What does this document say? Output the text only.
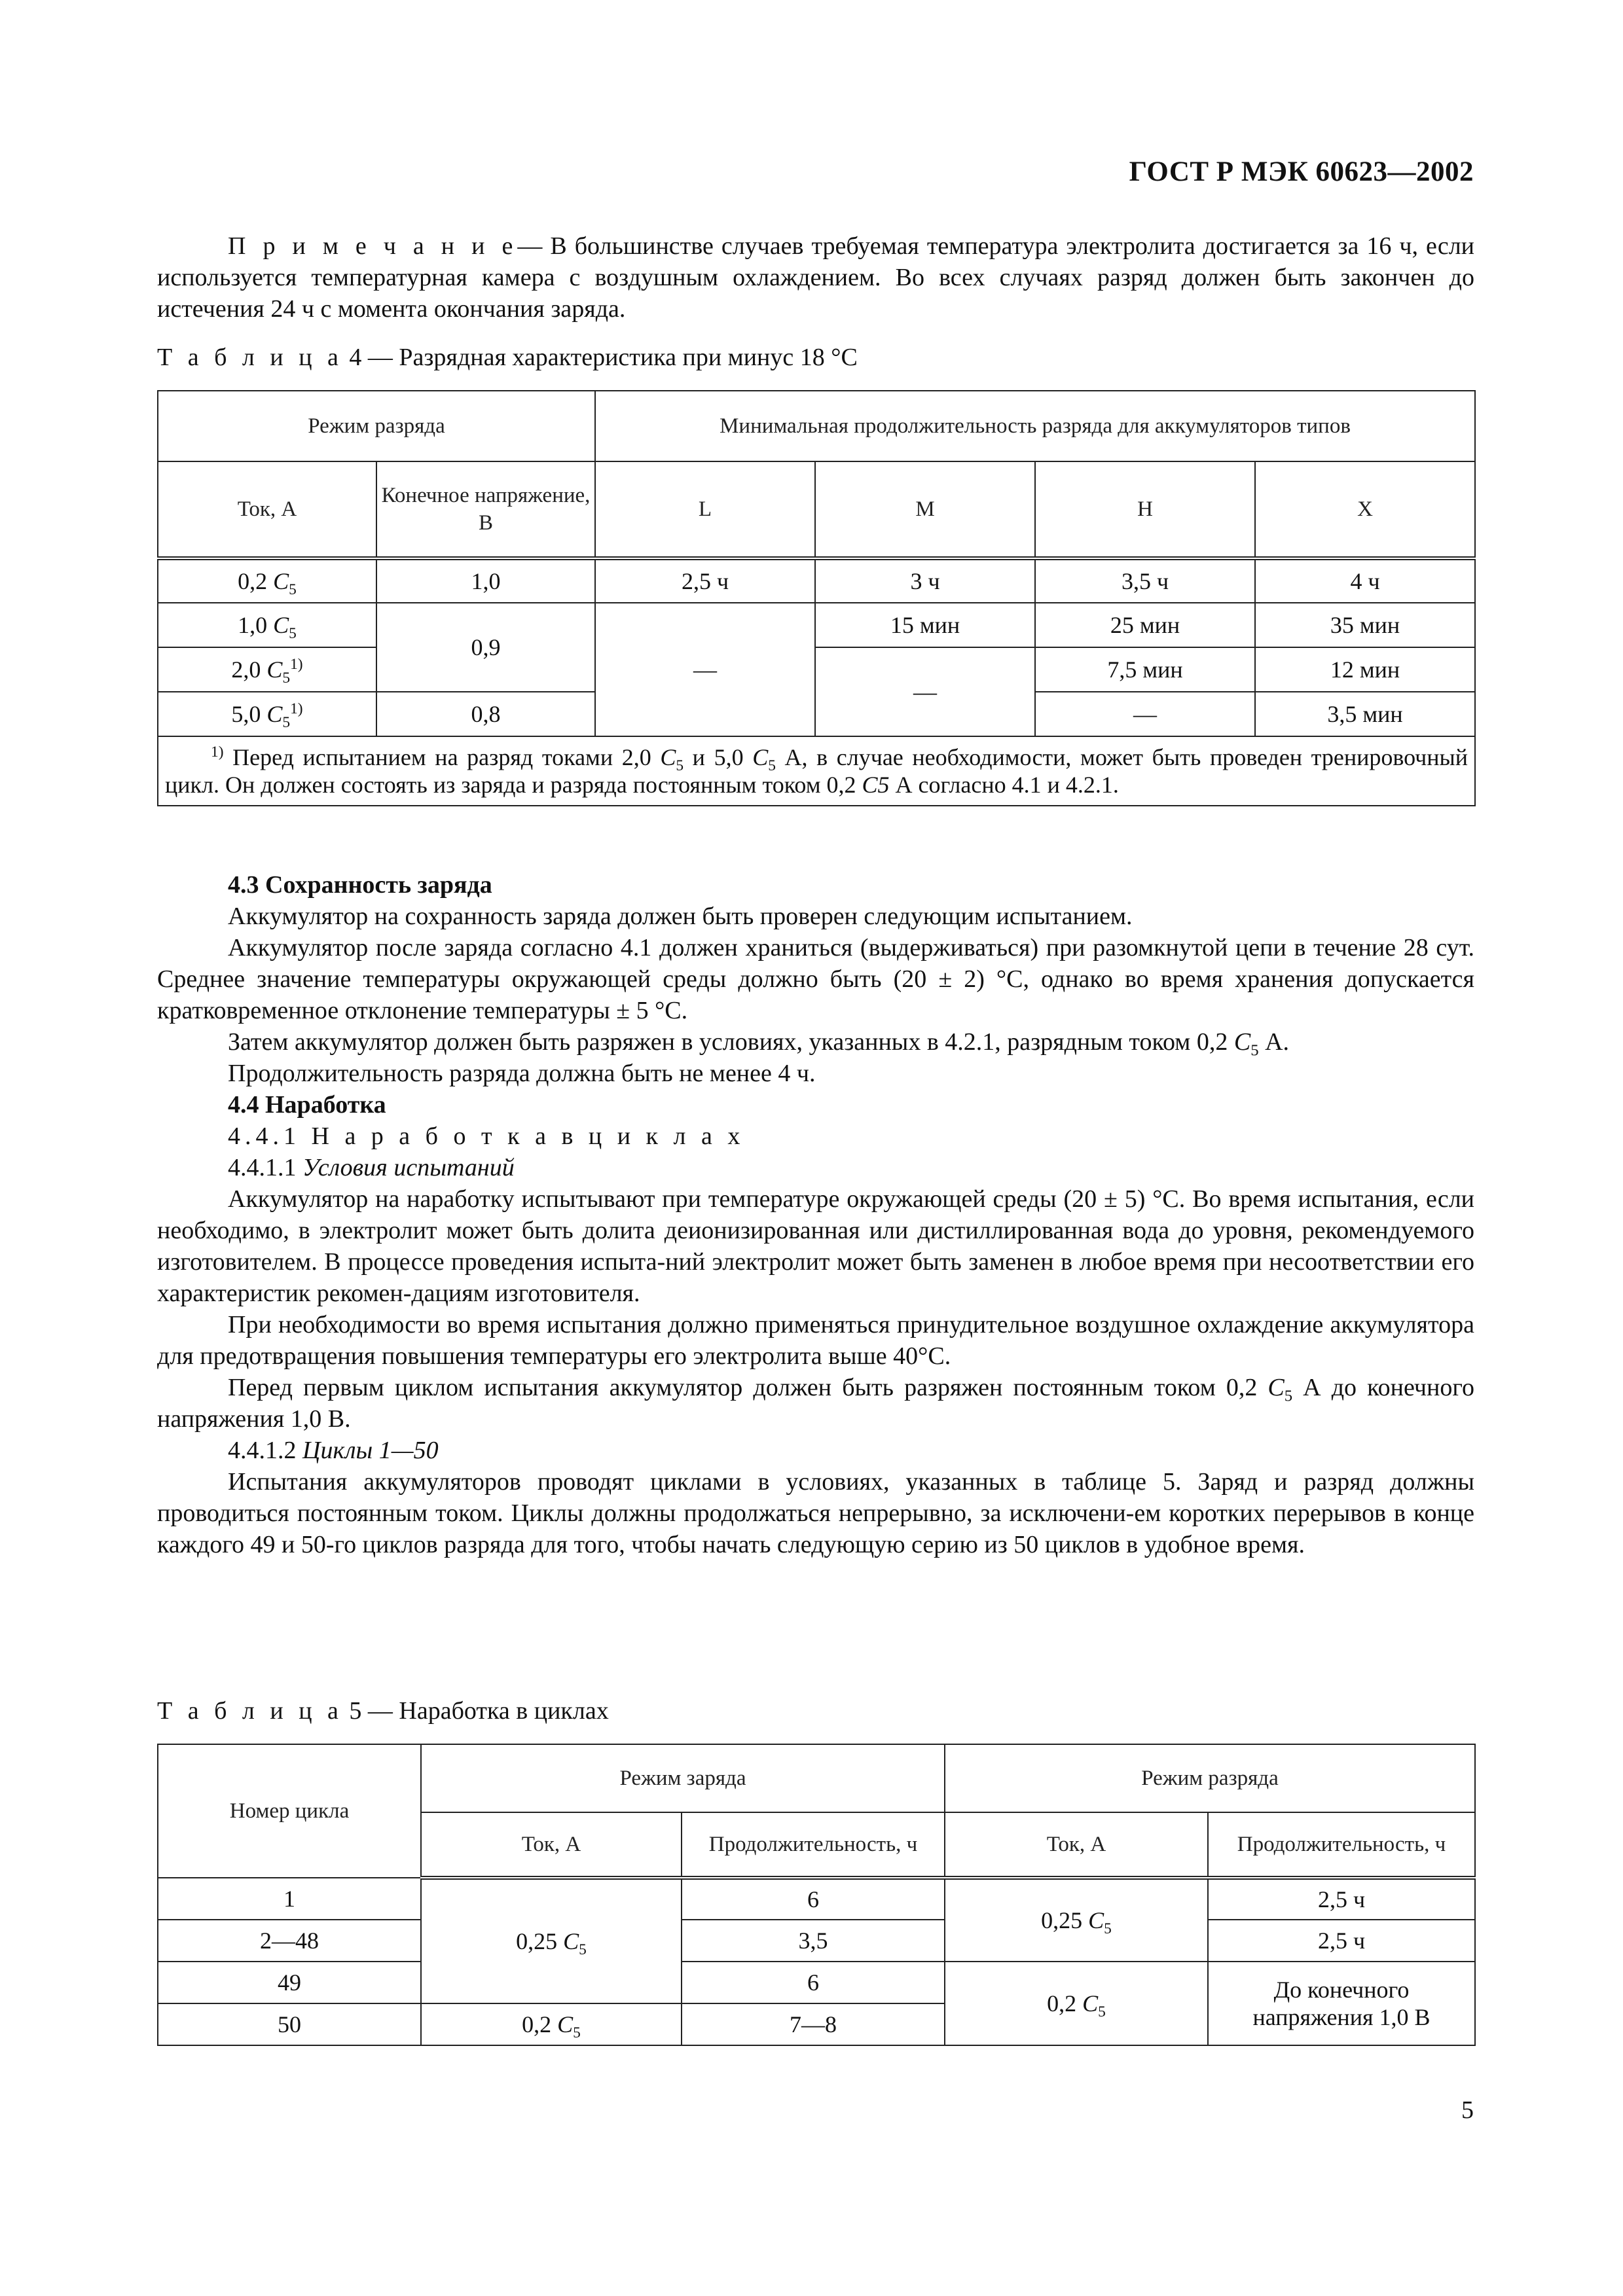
ГОСТ Р МЭК 60623—2002
П р и м е ч а н и е— В большинстве случаев требуемая температура электролита достигается за 16 ч, если используется температурная камера с воздушным охлаждением. Во всех случаях разряд должен быть закончен до истечения 24 ч с момента окончания заряда.
Т а б л и ц а 4 — Разрядная характеристика при минус 18 °С
Режим разряда		Минимальная продолжительность разряда для аккумуляторов типов			
Ток, А	Конечное напряжение, В	L	M	H	X
0,2 $C_5$	1,0	2,5 ч	3 ч	3,5 ч	4 ч
1,0 $C_5$	0,9	—	15 мин	25 мин	35 мин
2,0 $C_5^{1)}$			—	7,5 мин	12 мин
5,0 $C_5^{1)}$	0,8			—	3,5 мин
$^{1)}$ Перед испытанием на разряд токами 2,0 $C_5$ и 5,0 $C_5$ А, в случае необходимости, может быть проведен тренировочный цикл. Он должен состоять из заряда и разряда постоянным током 0,2 C5 А согласно 4.1 и 4.2.1.					
4.3 Сохранность заряда
Аккумулятор на сохранность заряда должен быть проверен следующим испытанием.
Аккумулятор после заряда согласно 4.1 должен храниться (выдерживаться) при разомкнутой цепи в течение 28 сут. Среднее значение температуры окружающей среды должно быть (20 ± 2) °С, однако во время хранения допускается кратковременное отклонение температуры ± 5 °С.
Затем аккумулятор должен быть разряжен в условиях, указанных в 4.2.1, разрядным током 0,2 $C_5$ А.
Продолжительность разряда должна быть не менее 4 ч.
4.4 Наработка
4.4.1 Н а р а б о т к а в ц и к л а х
4.4.1.1 Условия испытаний
Аккумулятор на наработку испытывают при температуре окружающей среды (20 ± 5) °С. Во время испытания, если необходимо, в электролит может быть долита деионизированная или дистиллированная вода до уровня, рекомендуемого изготовителем. В процессе проведения испыта-ний электролит может быть заменен в любое время при несоответствии его характеристик рекомен-дациям изготовителя.
При необходимости во время испытания должно применяться принудительное воздушное охлаждение аккумулятора для предотвращения повышения температуры его электролита выше 40°С.
Перед первым циклом испытания аккумулятор должен быть разряжен постоянным током 0,2 $C_5$ А до конечного напряжения 1,0 В.
4.4.1.2 Циклы 1—50
Испытания аккумуляторов проводят циклами в условиях, указанных в таблице 5. Заряд и разряд должны проводиться постоянным током. Циклы должны продолжаться непрерывно, за исключени-ем коротких перерывов в конце каждого 49 и 50-го циклов разряда для того, чтобы начать следующую серию из 50 циклов в удобное время.
Т а б л и ц а 5 — Наработка в циклах
Номер цикла	Режим заряда		Режим разряда	
	Ток, А	Продолжительность, ч	Ток, А	Продолжительность, ч
1	0,25 $C_5$	6	0,25 $C_5$	2,5 ч
2—48		3,5		2,5 ч
49		6	0,2 $C_5$	До конечного напряжения 1,0 В
50	0,2 $C_5$	7—8		
5
